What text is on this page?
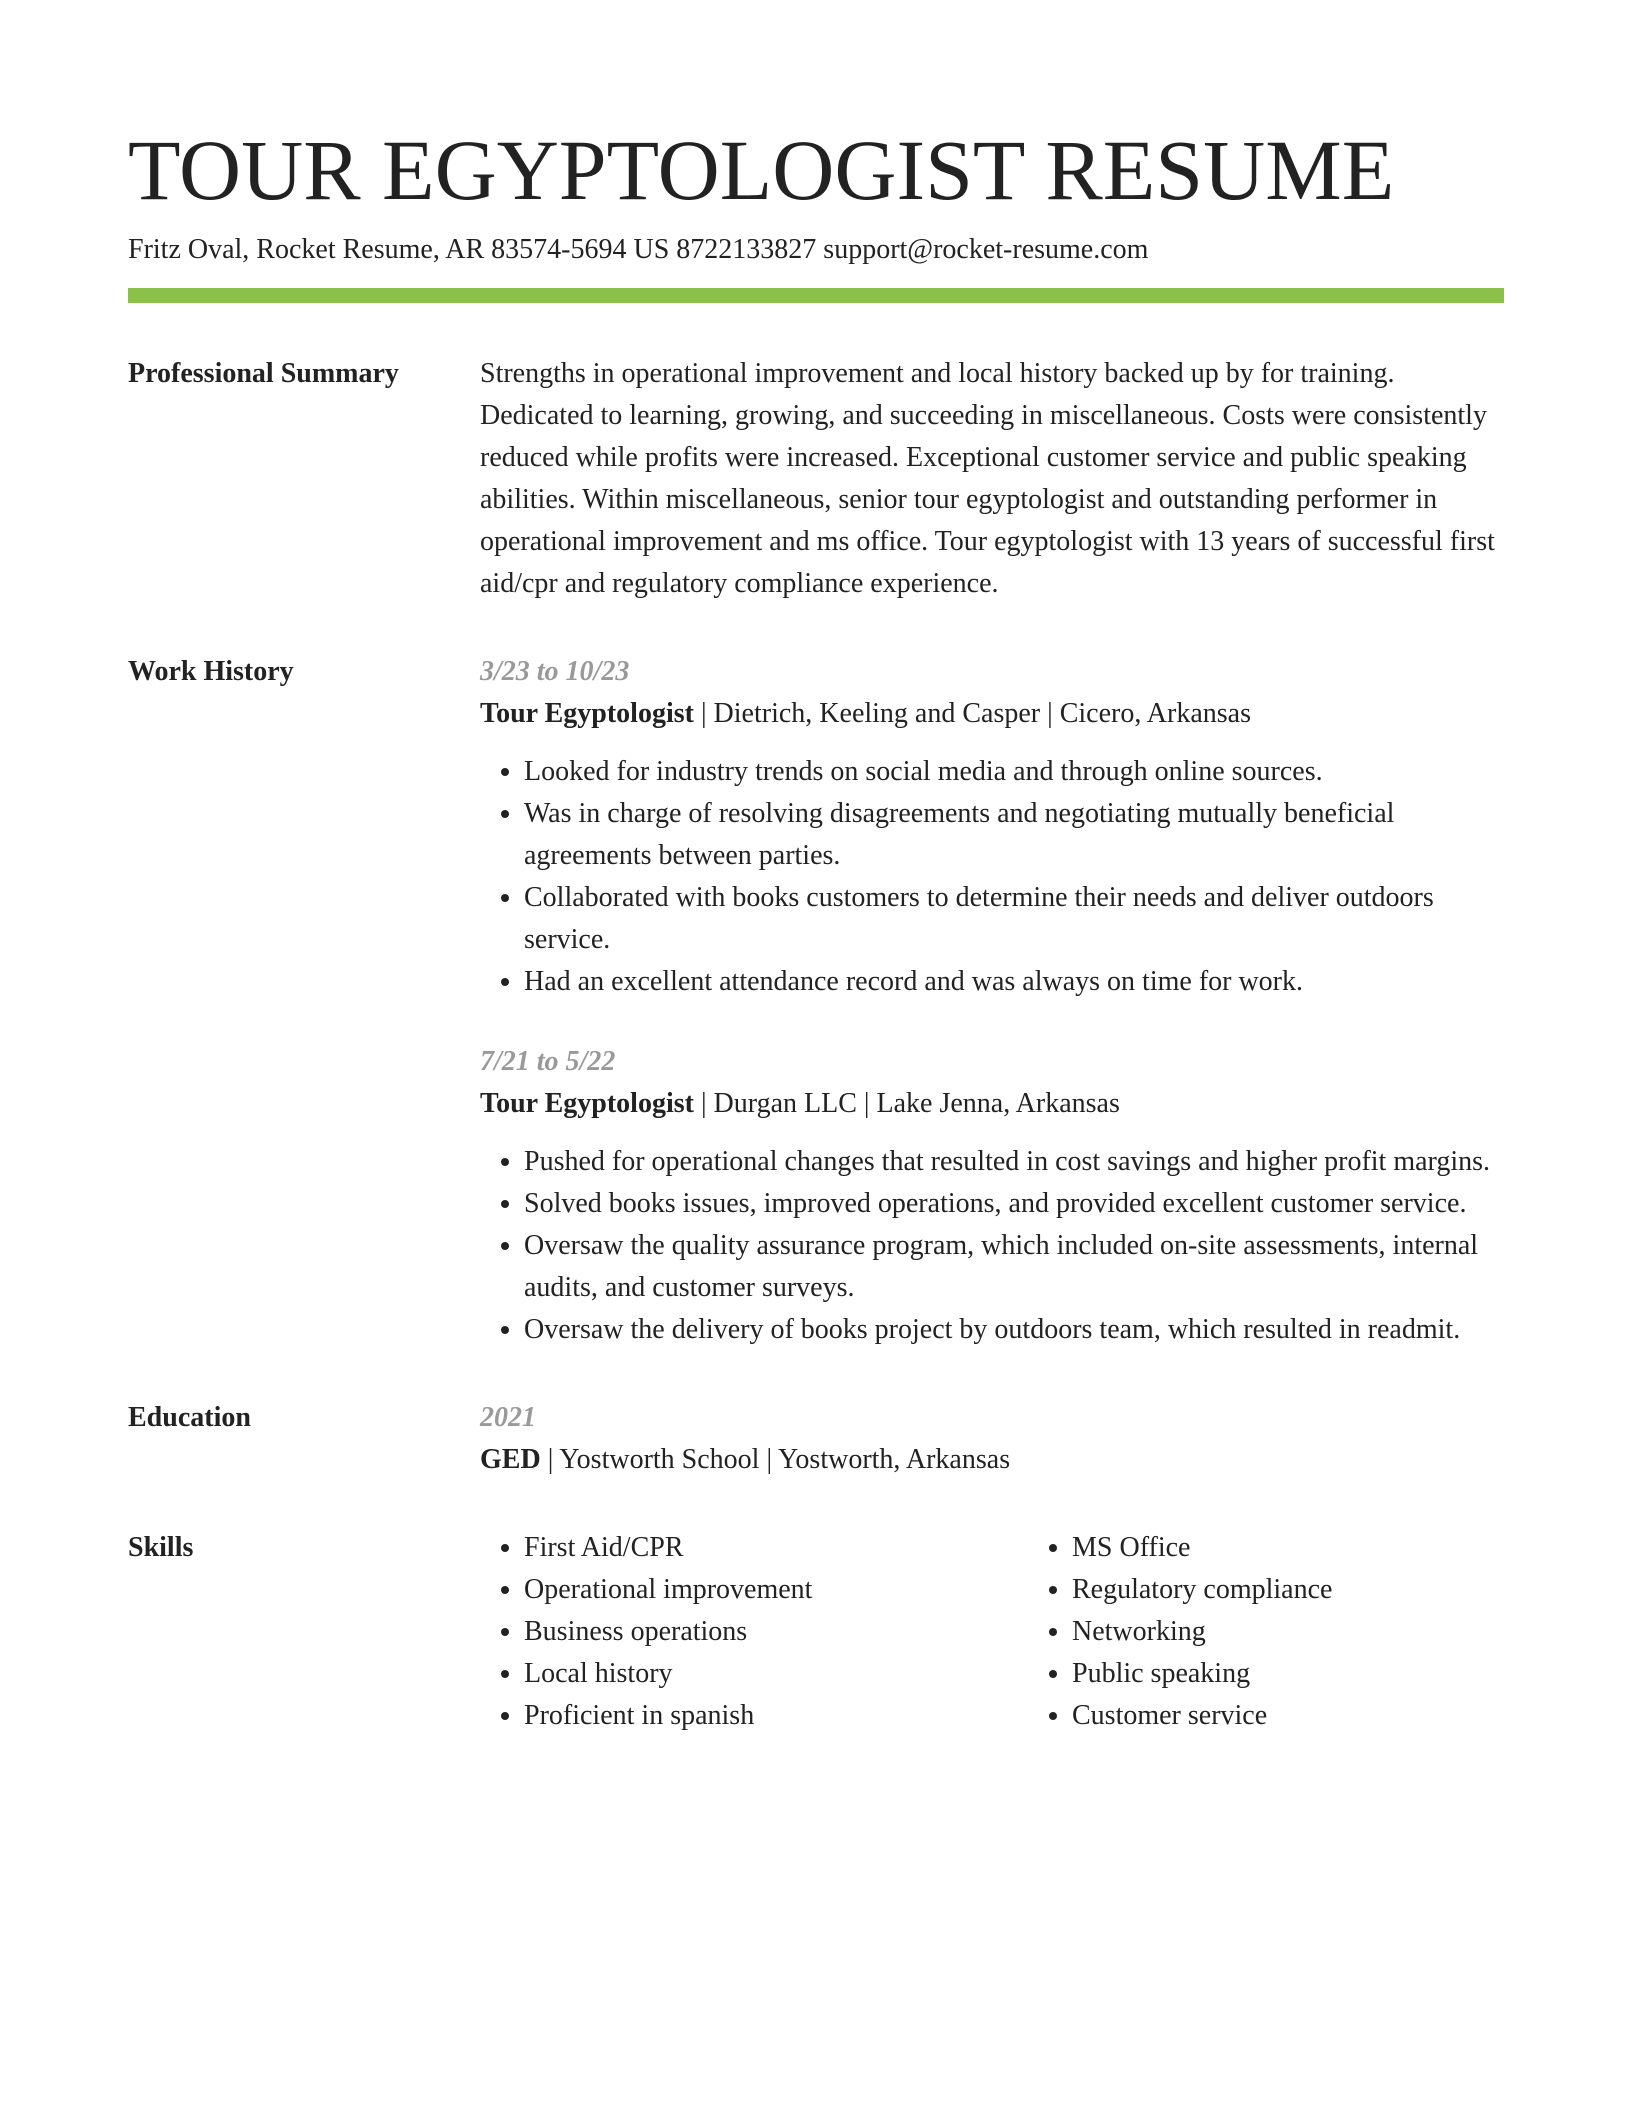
TOUR EGYPTOLOGIST RESUME
Fritz Oval, Rocket Resume, AR 83574-5694 US 8722133827 support@rocket-resume.com
Professional Summary	Strengths in operational improvement and local history backed up by for training. Dedicated to learning, growing, and succeeding in miscellaneous. Costs were consistently reduced while profits were increased. Exceptional customer service and public speaking abilities. Within miscellaneous, senior tour egyptologist and outstanding performer in operational improvement and ms office. Tour egyptologist with 13 years of successful first aid/cpr and regulatory compliance experience.

Work History	3/23 to 10/23
Tour Egyptologist | Dietrich, Keeling and Casper | Cicero, Arkansas
• Looked for industry trends on social media and through online sources.
• Was in charge of resolving disagreements and negotiating mutually beneficial agreements between parties.
• Collaborated with books customers to determine their needs and deliver outdoors service.
• Had an excellent attendance record and was always on time for work.
7/21 to 5/22
Tour Egyptologist | Durgan LLC | Lake Jenna, Arkansas
• Pushed for operational changes that resulted in cost savings and higher profit margins.
• Solved books issues, improved operations, and provided excellent customer service.
• Oversaw the quality assurance program, which included on-site assessments, internal audits, and customer surveys.
• Oversaw the delivery of books project by outdoors team, which resulted in readmit.
Education	2021
GED | Yostworth School | Yostworth, Arkansas
Skills
•	First Aid/CPR
• Operational improvement
• Business operations
• Local history
• Proficient in spanish
• MS Office
• Regulatory compliance
• Networking
• Public speaking
• Customer service
